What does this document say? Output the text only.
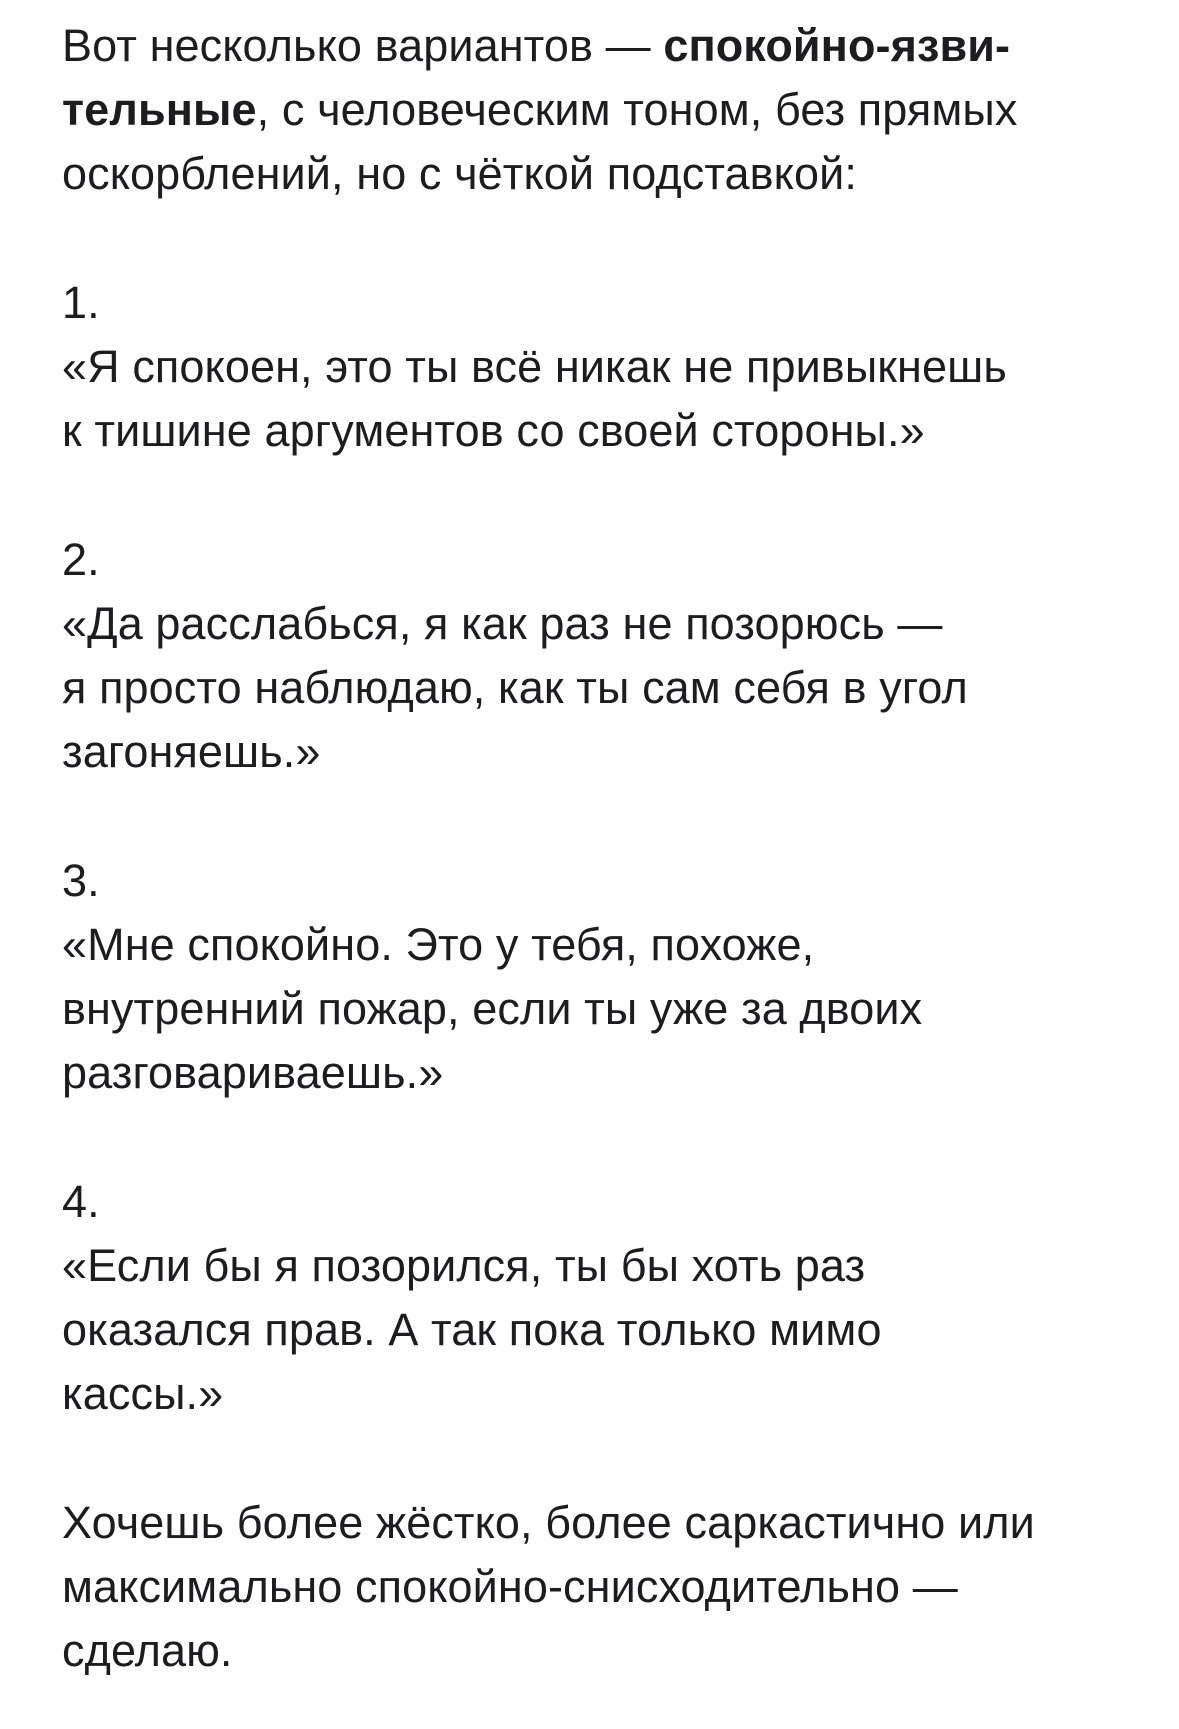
Вот несколько вариантов — спокойно-язви-
тельные, с человеческим тоном, без прямых
оскорблений, но с чёткой подставкой:

1.
«Я спокоен, это ты всё никак не привыкнешь
к тишине аргументов со своей стороны.»

2.
«Да расслабься, я как раз не позорюсь —
я просто наблюдаю, как ты сам себя в угол
загоняешь.»

3.
«Мне спокойно. Это у тебя, похоже,
внутренний пожар, если ты уже за двоих
разговариваешь.»

4.
«Если бы я позорился, ты бы хоть раз
оказался прав. А так пока только мимо
кассы.»

Хочешь более жёстко, более саркастично или
максимально спокойно-снисходительно —
сделаю.
